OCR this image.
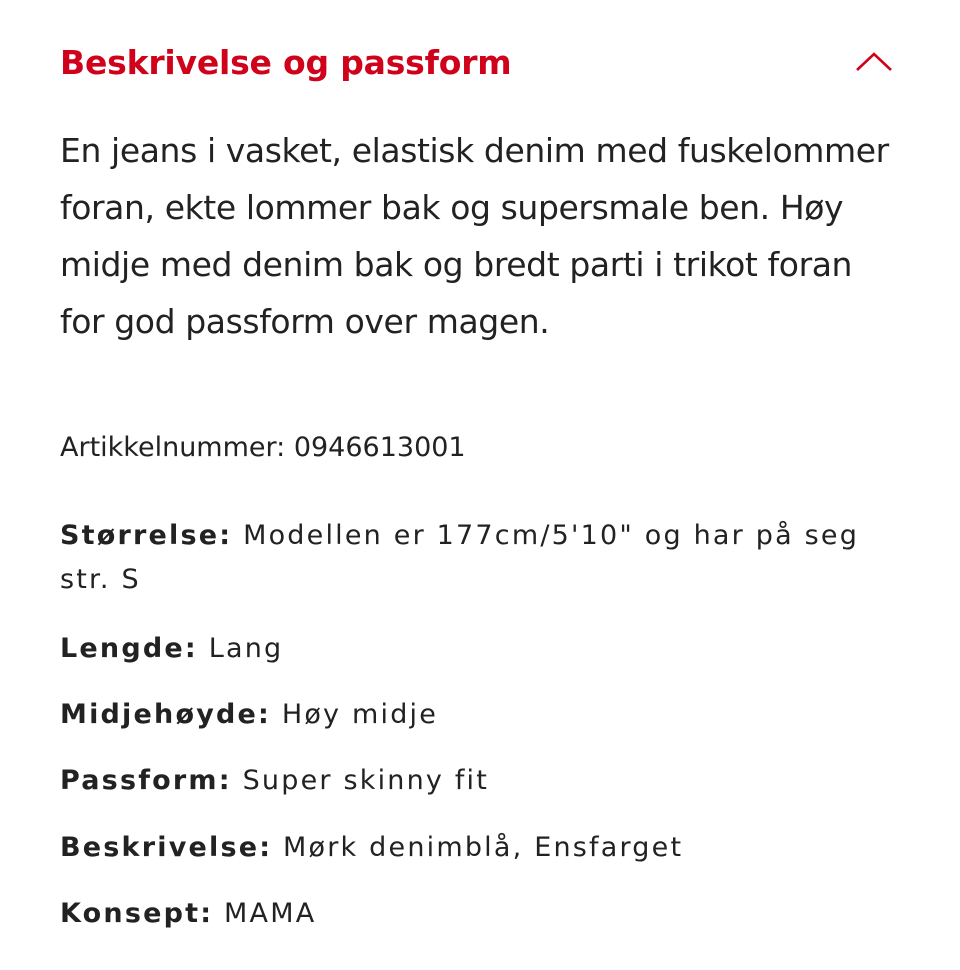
Beskrivelse og passform

En jeans i vasket, elastisk denim med fuskelommer foran, ekte lommer bak og supersmale ben. Høy midje med denim bak og bredt parti i trikot foran for god passform over magen.

Artikkelnummer: 0946613001

Størrelse: Modellen er 177cm/5'10" og har på seg str. S

Lengde: Lang

Midjehøyde: Høy midje

Passform: Super skinny fit

Beskrivelse: Mørk denimblå, Ensfarget

Konsept: MAMA
